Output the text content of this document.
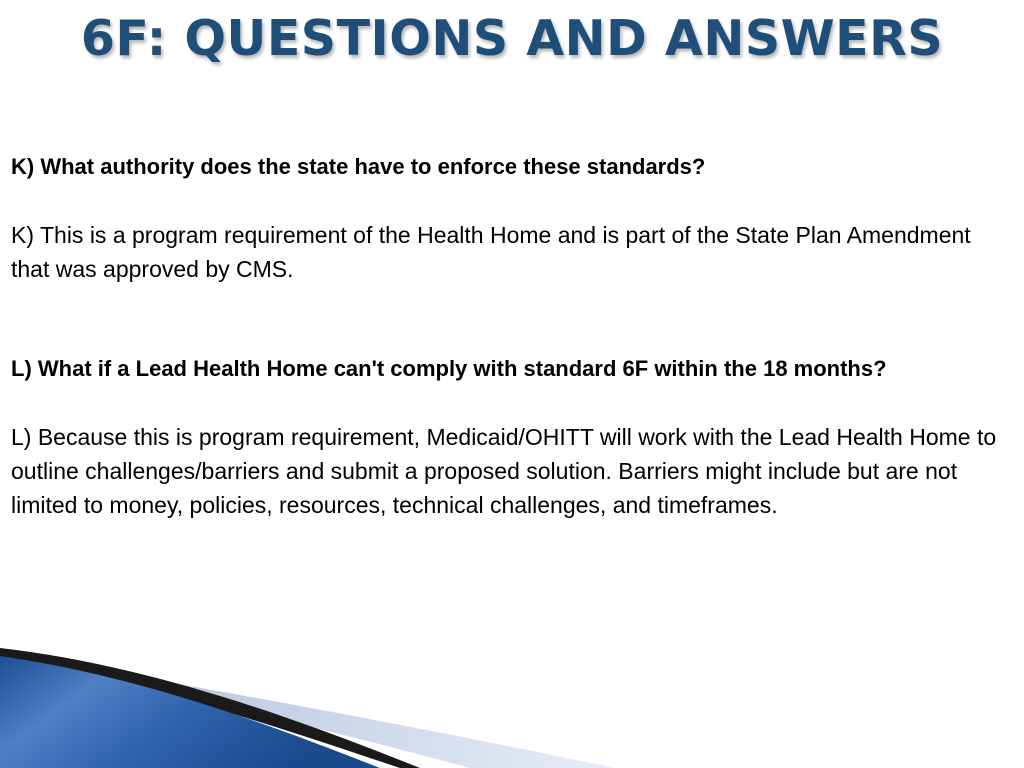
6F: QUESTIONS AND ANSWERS

K) What authority does the state have to enforce these standards?

K) This is a program requirement of the Health Home and is part of the State Plan Amendment that was approved by CMS.

L) What if a Lead Health Home can't comply with standard 6F within the 18 months?

L) Because this is program requirement, Medicaid/OHITT will work with the Lead Health Home to outline challenges/barriers and submit a proposed solution. Barriers might include but are not limited to money, policies, resources, technical challenges, and timeframes.
